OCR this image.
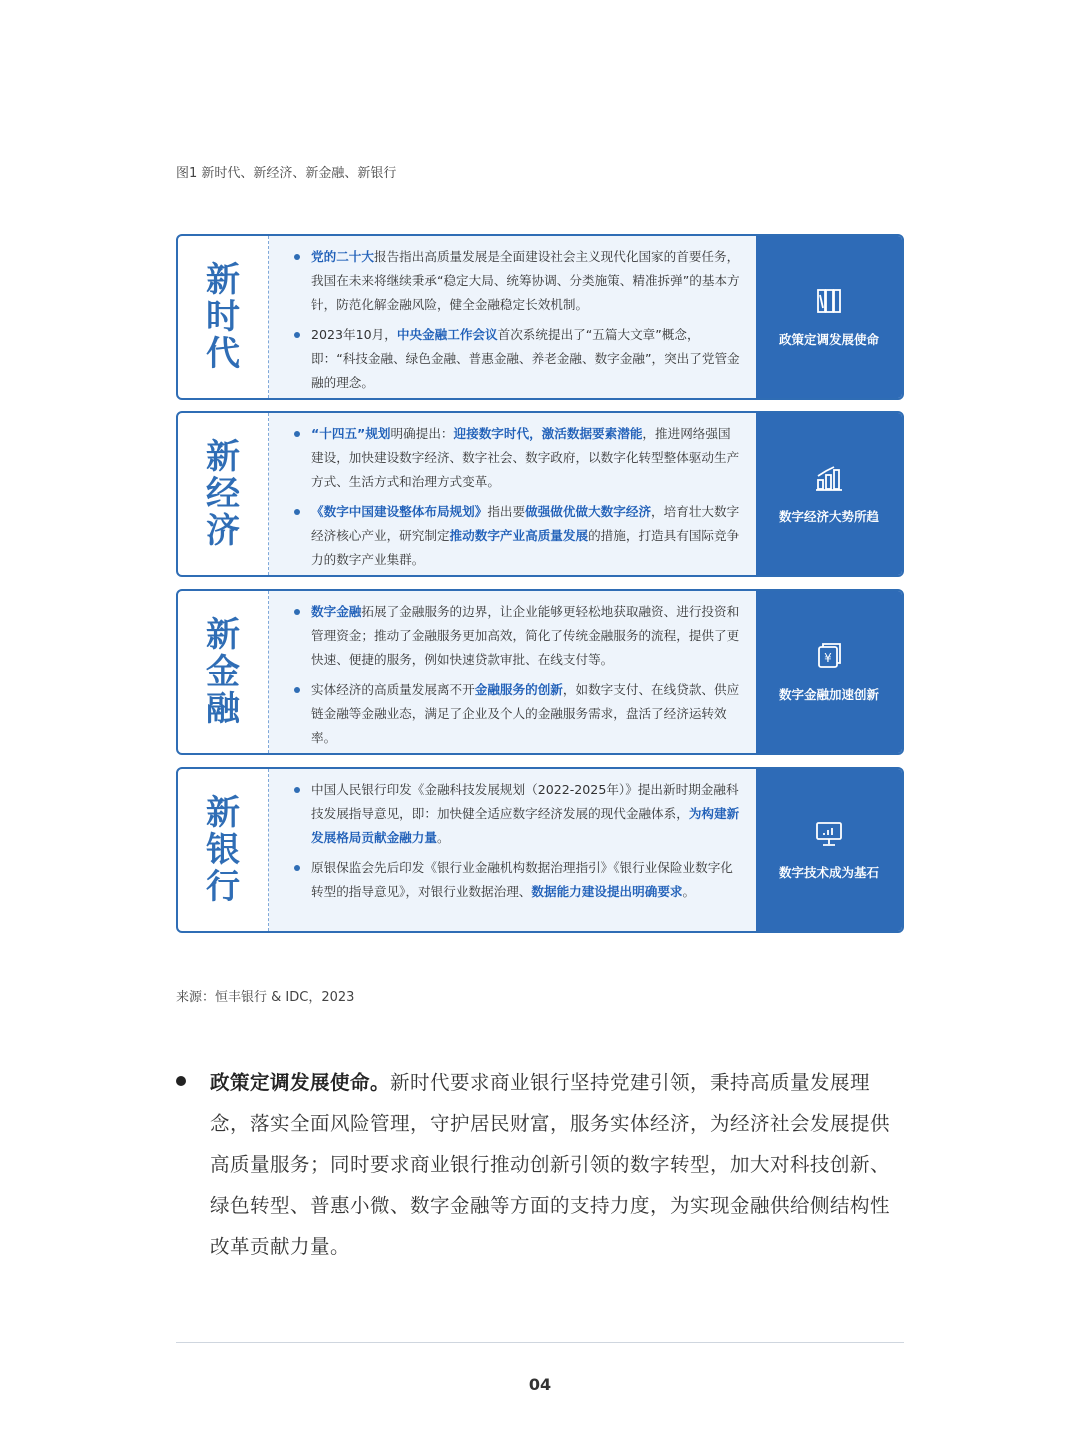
图1 新时代、新经济、新金融、新银行
新
时
代
党的二十大报告指出高质量发展是全面建设社会主义现代化国家的首要任务，我国在未来将继续秉承“稳定大局、统筹协调、分类施策、精准拆弹”的基本方针，防范化解金融风险，健全金融稳定长效机制。
2023年10月，中央金融工作会议首次系统提出了“五篇大文章”概念，即：“科技金融、绿色金融、普惠金融、养老金融、数字金融”，突出了党管金融的理念。
政策定调发展使命
新
经
济
“十四五”规划明确提出：迎接数字时代，激活数据要素潜能，推进网络强国建设，加快建设数字经济、数字社会、数字政府，以数字化转型整体驱动生产方式、生活方式和治理方式变革。
《数字中国建设整体布局规划》指出要做强做优做大数字经济，培育壮大数字经济核心产业，研究制定推动数字产业高质量发展的措施，打造具有国际竞争力的数字产业集群。
数字经济大势所趋
新
金
融
数字金融拓展了金融服务的边界，让企业能够更轻松地获取融资、进行投资和管理资金；推动了金融服务更加高效，简化了传统金融服务的流程，提供了更快速、便捷的服务，例如快速贷款审批、在线支付等。
实体经济的高质量发展离不开金融服务的创新，如数字支付、在线贷款、供应链金融等金融业态，满足了企业及个人的金融服务需求，盘活了经济运转效率。
¥
数字金融加速创新
新
银
行
中国人民银行印发《金融科技发展规划（2022-2025年）》提出新时期金融科技发展指导意见，即：加快健全适应数字经济发展的现代金融体系，为构建新发展格局贡献金融力量。
原银保监会先后印发《银行业金融机构数据治理指引》《银行业保险业数字化转型的指导意见》，对银行业数据治理、数据能力建设提出明确要求。
数字技术成为基石
来源：恒丰银行 & IDC，2023
政策定调发展使命。新时代要求商业银行坚持党建引领，秉持高质量发展理念，落实全面风险管理，守护居民财富，服务实体经济，为经济社会发展提供高质量服务；同时要求商业银行推动创新引领的数字转型，加大对科技创新、绿色转型、普惠小微、数字金融等方面的支持力度，为实现金融供给侧结构性改革贡献力量。
04
